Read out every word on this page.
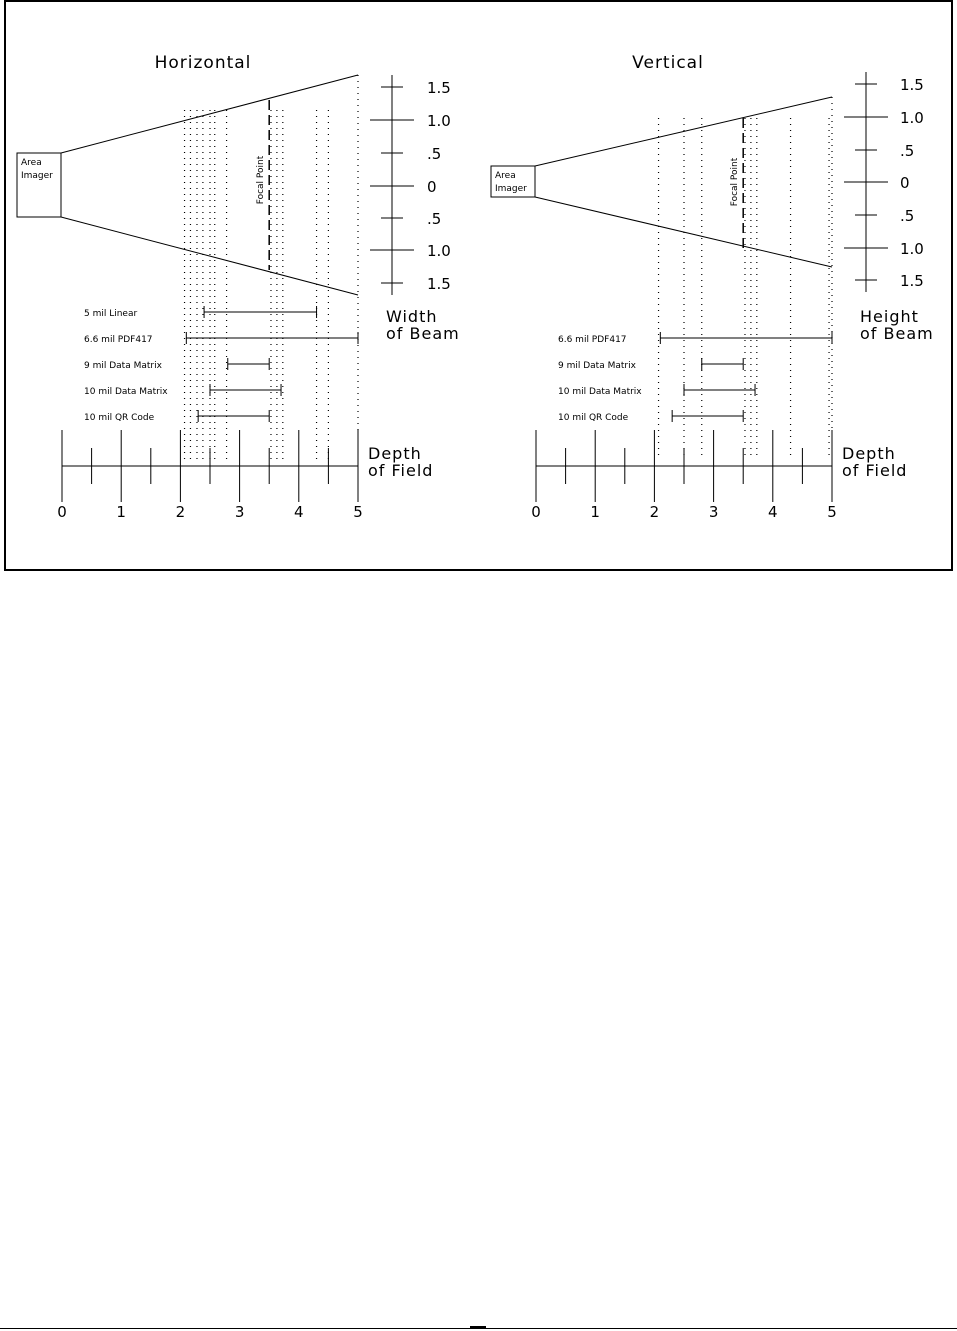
Horizontal
Area
Imager	Focal Point
1.5
1.0
.5
0
.5
1.0
1.5
Width
of Beam
5 mil Linear
6.6 mil PDF417
9 mil Data Matrix
10 mil Data Matrix
10 mil QR Code
0	1	2	3	4	5
Depth
of Field
Vertical
Area
Imager	Focal Point
1.5
1.0
.5
0
.5
1.0
1.5
Height
of Beam
6.6 mil PDF417
9 mil Data Matrix
10 mil Data Matrix
10 mil QR Code
0	1	2	3	4	5
Depth
of Field
